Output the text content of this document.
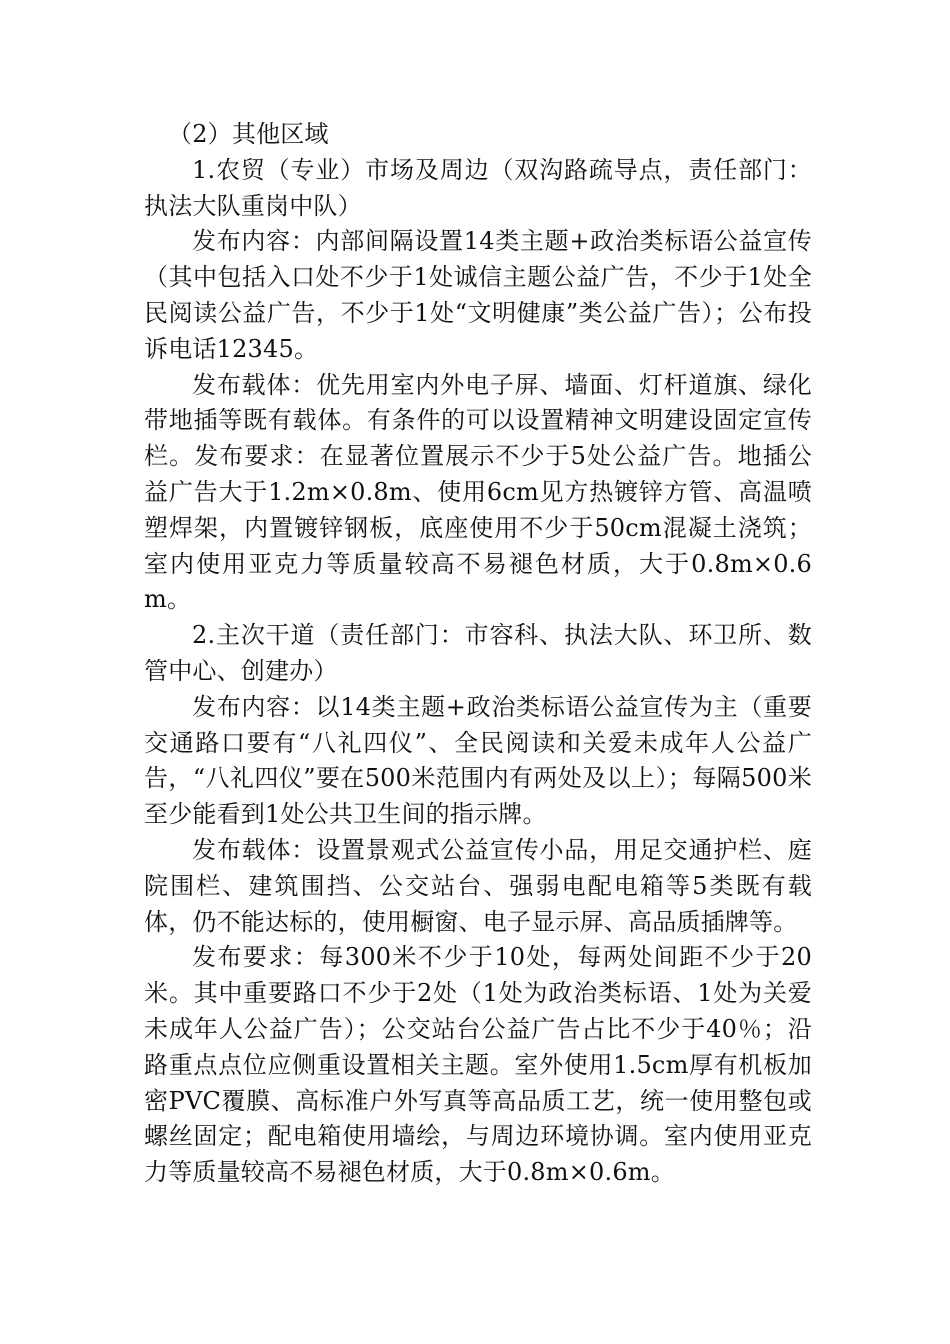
（2）其他区域

1.农贸（专业）市场及周边（双沟路疏导点，责任部门：执法大队重岗中队）

发布内容：内部间隔设置14类主题+政治类标语公益宣传（其中包括入口处不少于1处诚信主题公益广告，不少于1处全民阅读公益广告，不少于1处“文明健康”类公益广告）；公布投诉电话12345。

发布载体：优先用室内外电子屏、墙面、灯杆道旗、绿化带地插等既有载体。有条件的可以设置精神文明建设固定宣传栏。发布要求：在显著位置展示不少于5处公益广告。地插公益广告大于1.2m×0.8m、使用6cm见方热镀锌方管、高温喷塑焊架，内置镀锌钢板，底座使用不少于50cm混凝土浇筑；室内使用亚克力等质量较高不易褪色材质，大于0.8m×0.6m。

2.主次干道（责任部门：市容科、执法大队、环卫所、数管中心、创建办）

发布内容：以14类主题+政治类标语公益宣传为主（重要交通路口要有“八礼四仪”、全民阅读和关爱未成年人公益广告，“八礼四仪”要在500米范围内有两处及以上）；每隔500米至少能看到1处公共卫生间的指示牌。

发布载体：设置景观式公益宣传小品，用足交通护栏、庭院围栏、建筑围挡、公交站台、强弱电配电箱等5类既有载体，仍不能达标的，使用橱窗、电子显示屏、高品质插牌等。

发布要求：每300米不少于10处，每两处间距不少于20米。其中重要路口不少于2处（1处为政治类标语、1处为关爱未成年人公益广告）；公交站台公益广告占比不少于40％；沿路重点点位应侧重设置相关主题。室外使用1.5cm厚有机板加密PVC覆膜、高标准户外写真等高品质工艺，统一使用整包或螺丝固定；配电箱使用墙绘，与周边环境协调。室内使用亚克力等质量较高不易褪色材质，大于0.8m×0.6m。
